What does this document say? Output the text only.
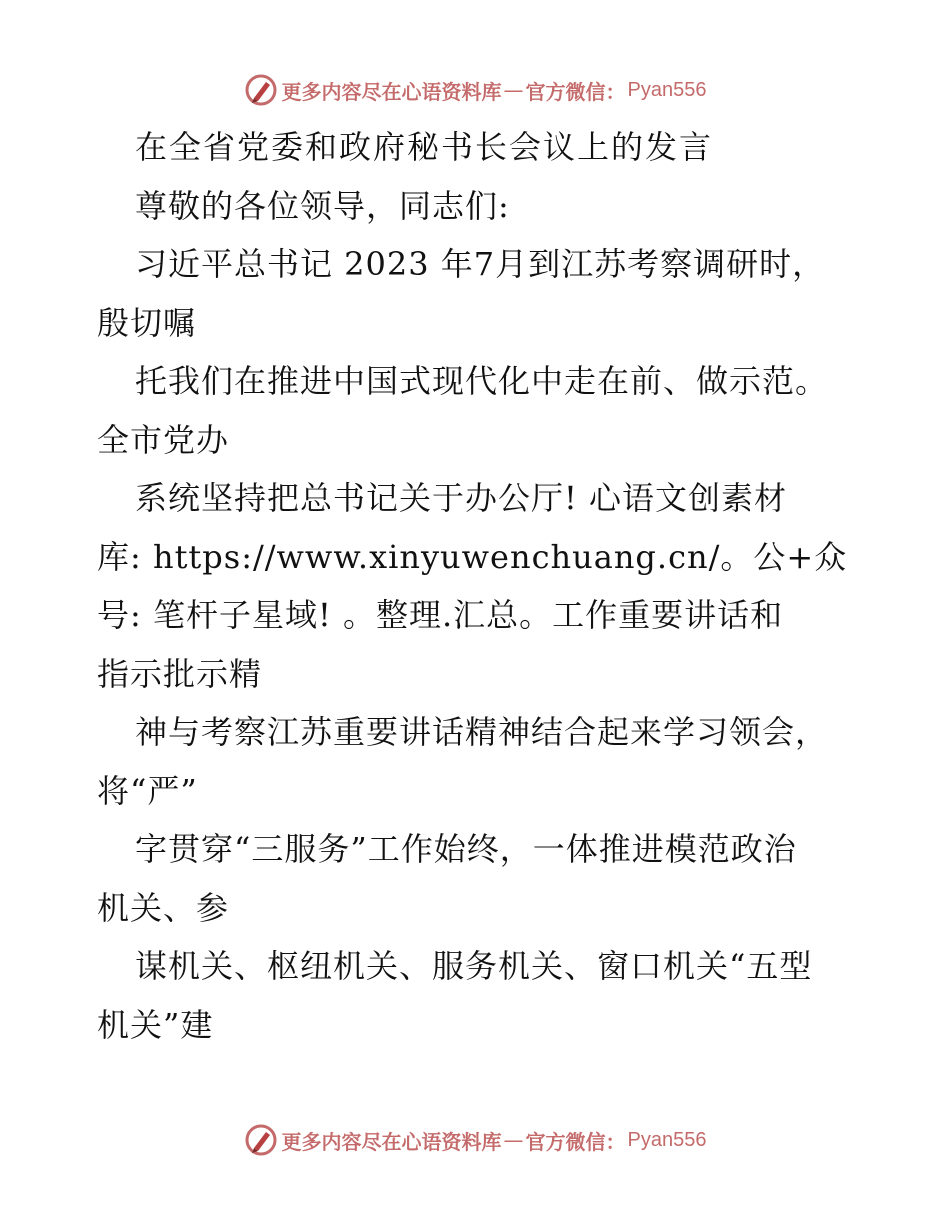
更多内容尽在心语资料库 — 官方微信： Pyan556
在全省党委和政府秘书长会议上的发言
尊敬的各位领导，同志们:
习近平总书记 2023 年7月到江苏考察调研时，
殷切嘱
托我们在推进中国式现代化中走在前、做示范。
全市党办
系统坚持把总书记关于办公厅! 心语文创素材
库: https://www.xinyuwenchuang.cn/。公+众
号: 笔杆子星域! 。整理.汇总。工作重要讲话和
指示批示精
神与考察江苏重要讲话精神结合起来学习领会，
将“严”
字贯穿“三服务”工作始终，一体推进模范政治
机关、参
谋机关、枢纽机关、服务机关、窗口机关“五型
机关”建
更多内容尽在心语资料库 — 官方微信： Pyan556
